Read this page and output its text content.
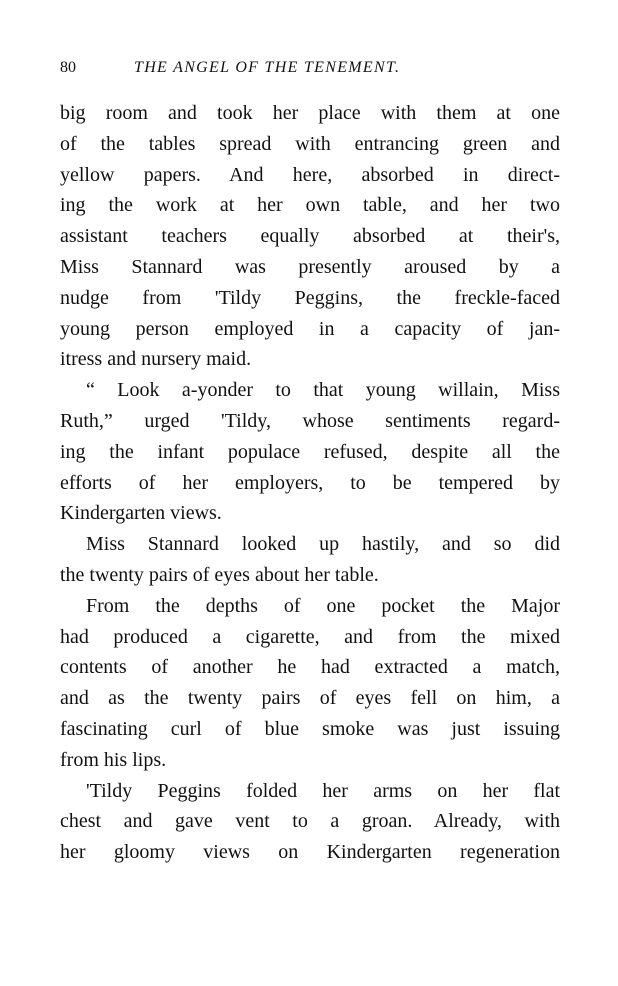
80	THE ANGEL OF THE TENEMENT.
big room and took her place with them at one
of the tables spread with entrancing green and
yellow papers. And here, absorbed in direct-
ing the work at her own table, and her two
assistant teachers equally absorbed at their's,
Miss Stannard was presently aroused by a
nudge from 'Tildy Peggins, the freckle-faced
young person employed in a capacity of jan-
itress and nursery maid.
“ Look a-yonder to that young willain, Miss
Ruth,” urged 'Tildy, whose sentiments regard-
ing the infant populace refused, despite all the
efforts of her employers, to be tempered by
Kindergarten views.
Miss Stannard looked up hastily, and so did
the twenty pairs of eyes about her table.
From the depths of one pocket the Major
had produced a cigarette, and from the mixed
contents of another he had extracted a match,
and as the twenty pairs of eyes fell on him, a
fascinating curl of blue smoke was just issuing
from his lips.
'Tildy Peggins folded her arms on her flat
chest and gave vent to a groan. Already, with
her gloomy views on Kindergarten regeneration
